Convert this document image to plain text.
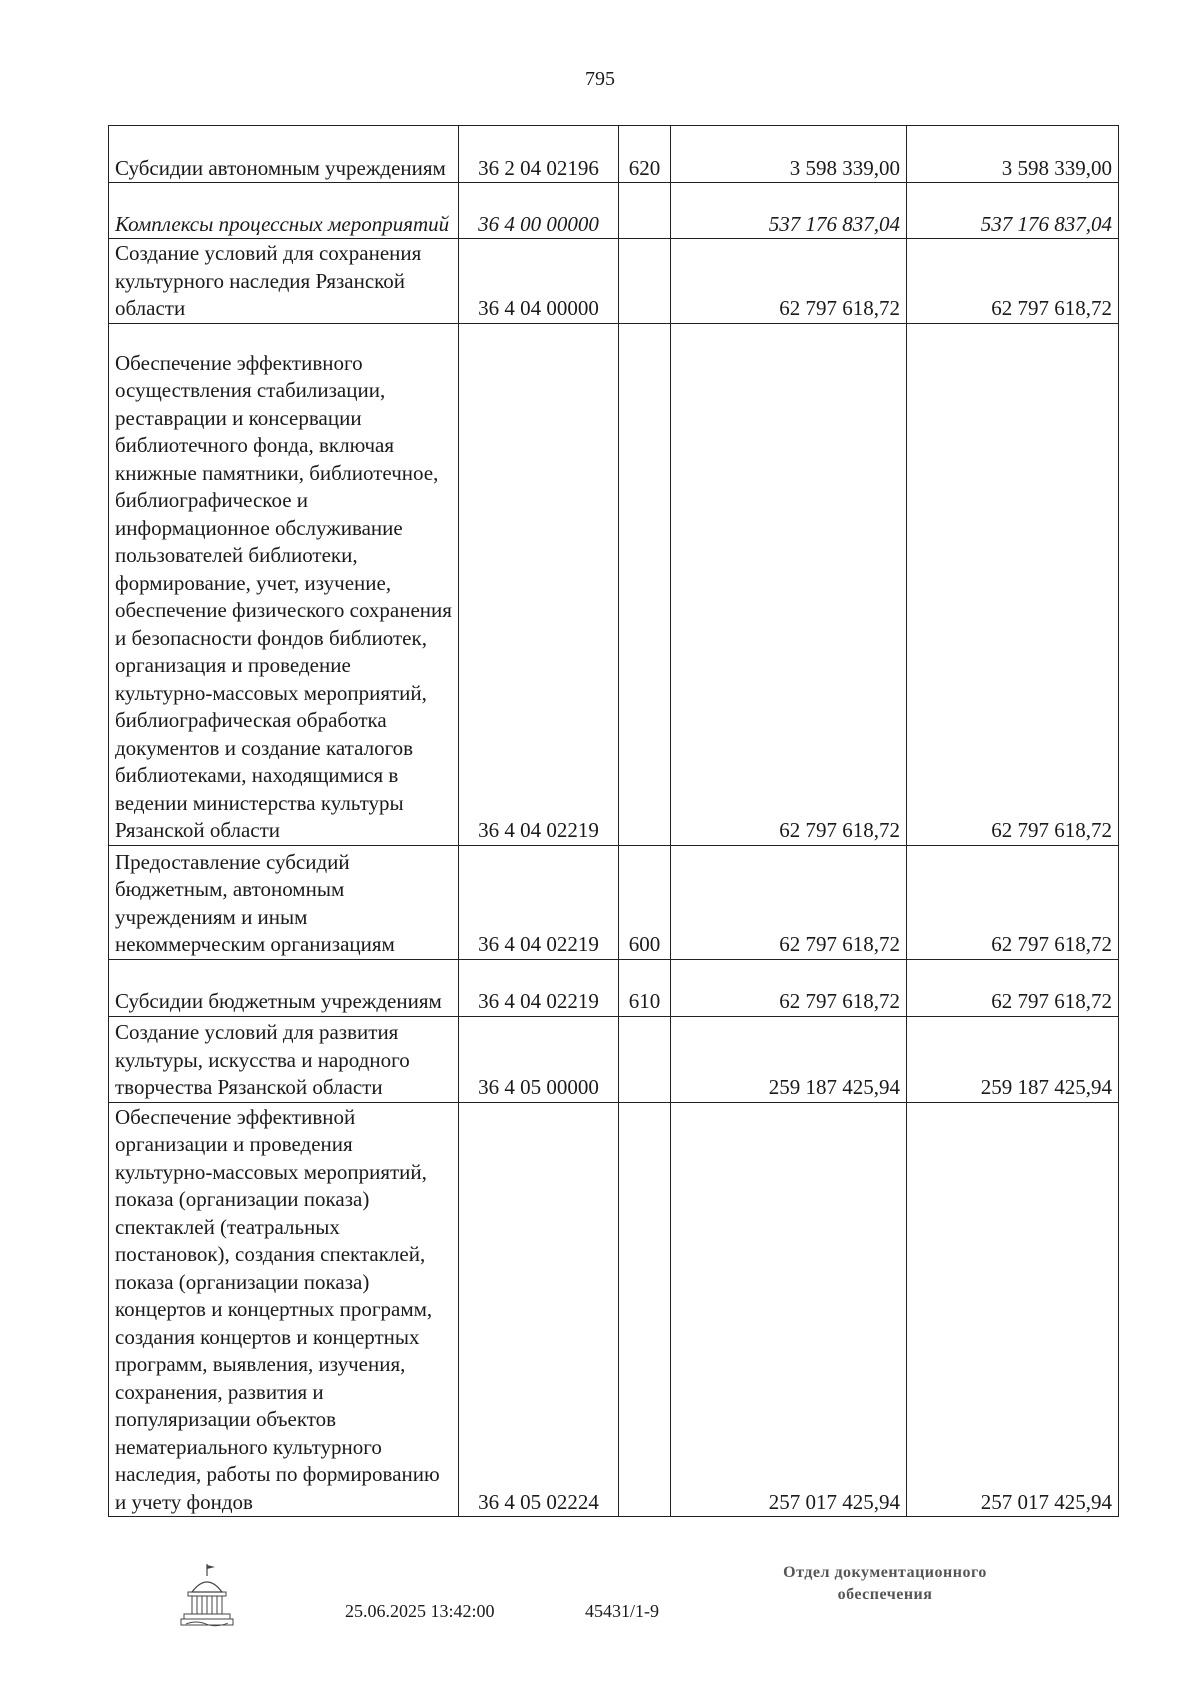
795
Субсидии автономным учреждениям	36 2 04 02196	620	3 598 339,00	3 598 339,00
Комплексы процессных мероприятий	36 4 00 00000		537 176 837,04	537 176 837,04
Создание условий для сохранения культурного наследия Рязанской области	36 4 04 00000		62 797 618,72	62 797 618,72
Обеспечение эффективного осуществления стабилизации, реставрации и консервации библиотечного фонда, включая книжные памятники, библиотечное, библиографическое и информационное обслуживание пользователей библиотеки, формирование, учет, изучение, обеспечение физического сохранения и безопасности фондов библиотек, организация и проведение культурно-массовых мероприятий, библиографическая обработка документов и создание каталогов библиотеками, находящимися в ведении министерства культуры Рязанской области	36 4 04 02219		62 797 618,72	62 797 618,72
Предоставление субсидий бюджетным, автономным учреждениям и иным некоммерческим организациям	36 4 04 02219	600	62 797 618,72	62 797 618,72
Субсидии бюджетным учреждениям	36 4 04 02219	610	62 797 618,72	62 797 618,72
Создание условий для развития культуры, искусства и народного творчества Рязанской области	36 4 05 00000		259 187 425,94	259 187 425,94
Обеспечение эффективной организации и проведения культурно-массовых мероприятий, показа (организации показа) спектаклей (театральных постановок), создания спектаклей, показа (организации показа) концертов и концертных программ, создания концертов и концертных программ, выявления, изучения, сохранения, развития и популяризации объектов нематериального культурного наследия, работы по формированию и учету фондов	36 4 05 02224		257 017 425,94	257 017 425,94
25.06.2025 13:42:00	45431/1-9
Отдел документационного
обеспечения
